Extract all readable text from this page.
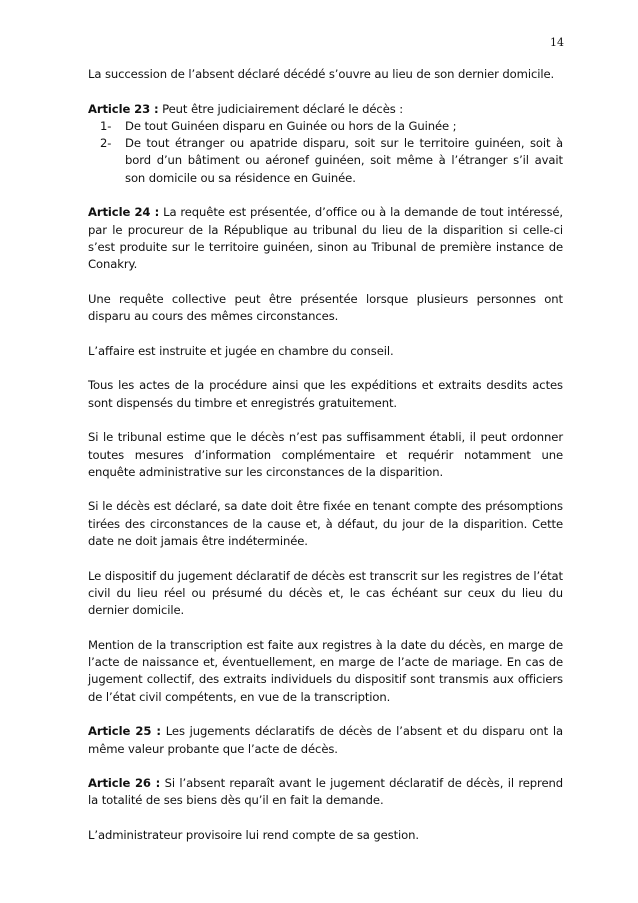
14

La succession de l’absent déclaré décédé s’ouvre au lieu de son dernier domicile.

Article 23 : Peut être judiciairement déclaré le décès :

1- De tout Guinéen disparu en Guinée ou hors de la Guinée ;
2- De tout étranger ou apatride disparu, soit sur le territoire guinéen, soit à bord d’un bâtiment ou aéronef guinéen, soit même à l’étranger s’il avait son domicile ou sa résidence en Guinée.

Article 24 : La requête est présentée, d’office ou à la demande de tout intéressé, par le procureur de la République au tribunal du lieu de la disparition si celle-ci s’est produite sur le territoire guinéen, sinon au Tribunal de première instance de Conakry.

Une requête collective peut être présentée lorsque plusieurs personnes ont disparu au cours des mêmes circonstances.

L’affaire est instruite et jugée en chambre du conseil.

Tous les actes de la procédure ainsi que les expéditions et extraits desdits actes sont dispensés du timbre et enregistrés gratuitement.

Si le tribunal estime que le décès n’est pas suffisamment établi, il peut ordonner toutes mesures d’information complémentaire et requérir notamment une enquête administrative sur les circonstances de la disparition.

Si le décès est déclaré, sa date doit être fixée en tenant compte des présomptions tirées des circonstances de la cause et, à défaut, du jour de la disparition. Cette date ne doit jamais être indéterminée.

Le dispositif du jugement déclaratif de décès est transcrit sur les registres de l’état civil du lieu réel ou présumé du décès et, le cas échéant sur ceux du lieu du dernier domicile.

Mention de la transcription est faite aux registres à la date du décès, en marge de l’acte de naissance et, éventuellement, en marge de l’acte de mariage. En cas de jugement collectif, des extraits individuels du dispositif sont transmis aux officiers de l’état civil compétents, en vue de la transcription.

Article 25 : Les jugements déclaratifs de décès de l’absent et du disparu ont la même valeur probante que l’acte de décès.

Article 26 : Si l’absent reparaît avant le jugement déclaratif de décès, il reprend la totalité de ses biens dès qu’il en fait la demande.

L’administrateur provisoire lui rend compte de sa gestion.
